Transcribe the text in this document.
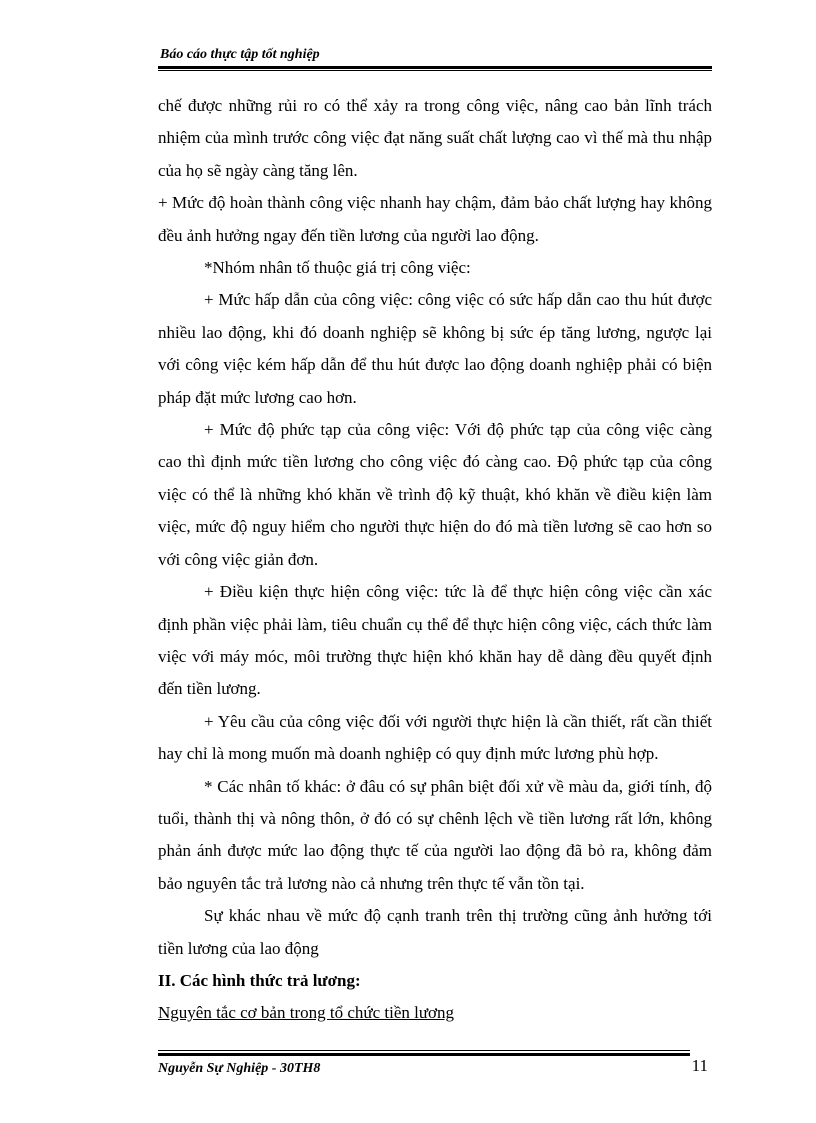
Báo cáo thực tập tốt nghiệp

chế được những rủi ro có thể xảy ra trong công việc, nâng cao bản lĩnh trách nhiệm của mình trước công việc đạt năng suất chất lượng cao vì thế mà thu nhập của họ sẽ ngày càng tăng lên.

+ Mức độ hoàn thành công việc nhanh hay chậm, đảm bảo chất lượng hay không đều ảnh hưởng ngay đến tiền lương của người lao động.

*Nhóm nhân tố thuộc giá trị công việc:

+ Mức hấp dẫn của công việc: công việc có sức hấp dẫn cao thu hút được nhiều lao động, khi đó doanh nghiệp sẽ không bị sức ép tăng lương, ngược lại với công việc kém hấp dẫn để thu hút được lao động doanh nghiệp phải có biện pháp đặt mức lương cao hơn.

+ Mức độ phức tạp của công việc: Với độ phức tạp của công việc càng cao thì định mức tiền lương cho công việc đó càng cao. Độ phức tạp của công việc có thể là những khó khăn về trình độ kỹ thuật, khó khăn về điều kiện làm việc, mức độ nguy hiểm cho người thực hiện do đó mà tiền lương sẽ cao hơn so với công việc giản đơn.

+ Điều kiện thực hiện công việc: tức là để thực hiện công việc cần xác định phần việc phải làm, tiêu chuẩn cụ thể để thực hiện công việc, cách thức làm việc với máy móc, môi trường thực hiện khó khăn hay dễ dàng đều quyết định đến tiền lương.

+ Yêu cầu của công việc đối với người thực hiện là cần thiết, rất cần thiết hay chỉ là mong muốn mà doanh nghiệp có quy định mức lương phù hợp.

* Các nhân tố khác: ở đâu có sự phân biệt đối xử về màu da, giới tính, độ tuổi, thành thị và nông thôn, ở đó có sự chênh lệch về tiền lương rất lớn, không phản ánh được mức lao động thực tế của người lao động đã bỏ ra, không đảm bảo nguyên tắc trả lương nào cả nhưng trên thực tế vẫn tồn tại.

Sự khác nhau về mức độ cạnh tranh trên thị trường cũng ảnh hưởng tới tiền lương của lao động

II. Các hình thức trả lương:

Nguyên tắc cơ bản trong tổ chức tiền lương

Nguyễn Sự Nghiệp - 30TH8	11
